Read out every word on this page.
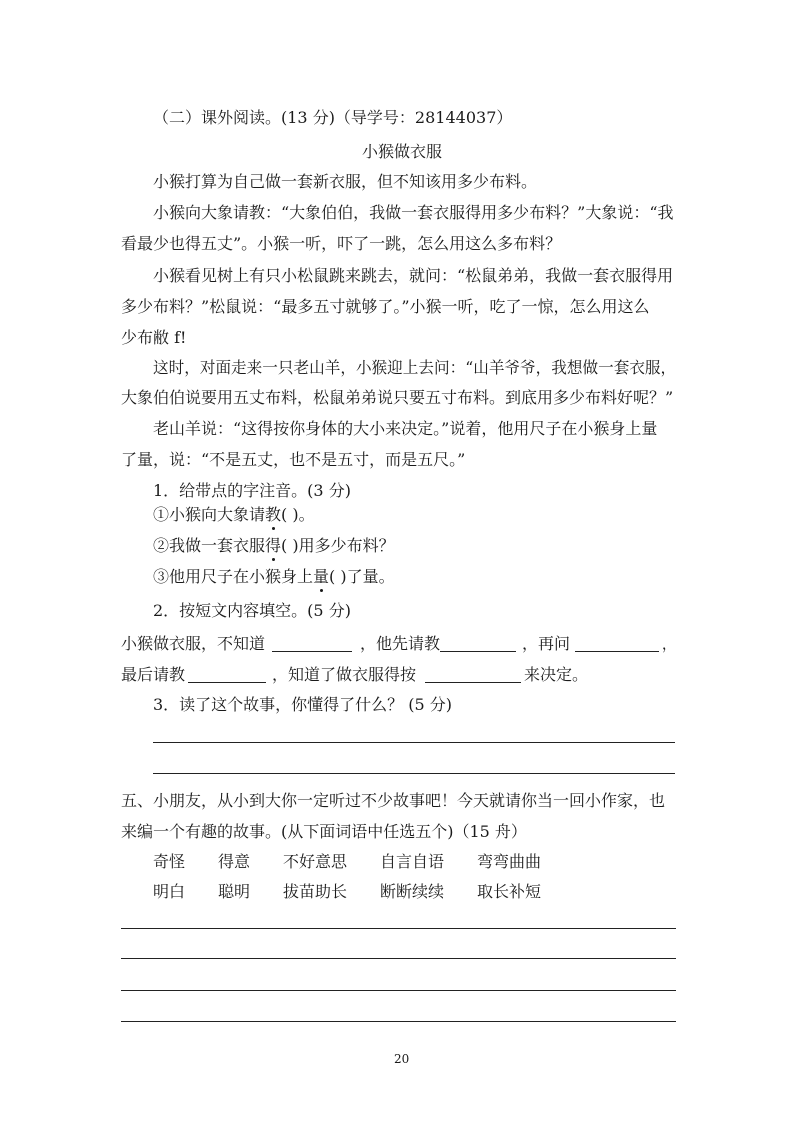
（二）课外阅读。(13 分)（导学号：28144037）
小猴做衣服
小猴打算为自己做一套新衣服，但不知该用多少布料。
小猴向大象请教：“大象伯伯，我做一套衣服得用多少布料？”大象说：“我
看最少也得五丈”。小猴一听，吓了一跳，怎么用这么多布料？
小猴看见树上有只小松鼠跳来跳去，就问：“松鼠弟弟，我做一套衣服得用
多少布料？”松鼠说：“最多五寸就够了。”小猴一听，吃了一惊，怎么用这么
少布敝 f!
这时，对面走来一只老山羊，小猴迎上去问：“山羊爷爷，我想做一套衣服，
大象伯伯说要用五丈布料，松鼠弟弟说只要五寸布料。到底用多少布料好呢？”
老山羊说：“这得按你身体的大小来决定。”说着，他用尺子在小猴身上量
了量，说：“不是五丈，也不是五寸，而是五尺。”
1．给带点的字注音。(3 分)
①小猴向大象请教( )。
②我做一套衣服得( )用多少布料？
③他用尺子在小猴身上量( )了量。
2．按短文内容填空。(5 分)
小猴做衣服，不知道	，他先请教	，再问	，
最后请教	，知道了做衣服得按	来决定。
3．读了这个故事，你懂得了什么？ (5 分)
五、小朋友，从小到大你一定听过不少故事吧！今天就请你当一回小作家，也
来编一个有趣的故事。(从下面词语中任选五个)（15 舟）
奇怪 得意 不好意思 自言自语 弯弯曲曲
明白 聪明 拔苗助长 断断续续 取长补短
20
